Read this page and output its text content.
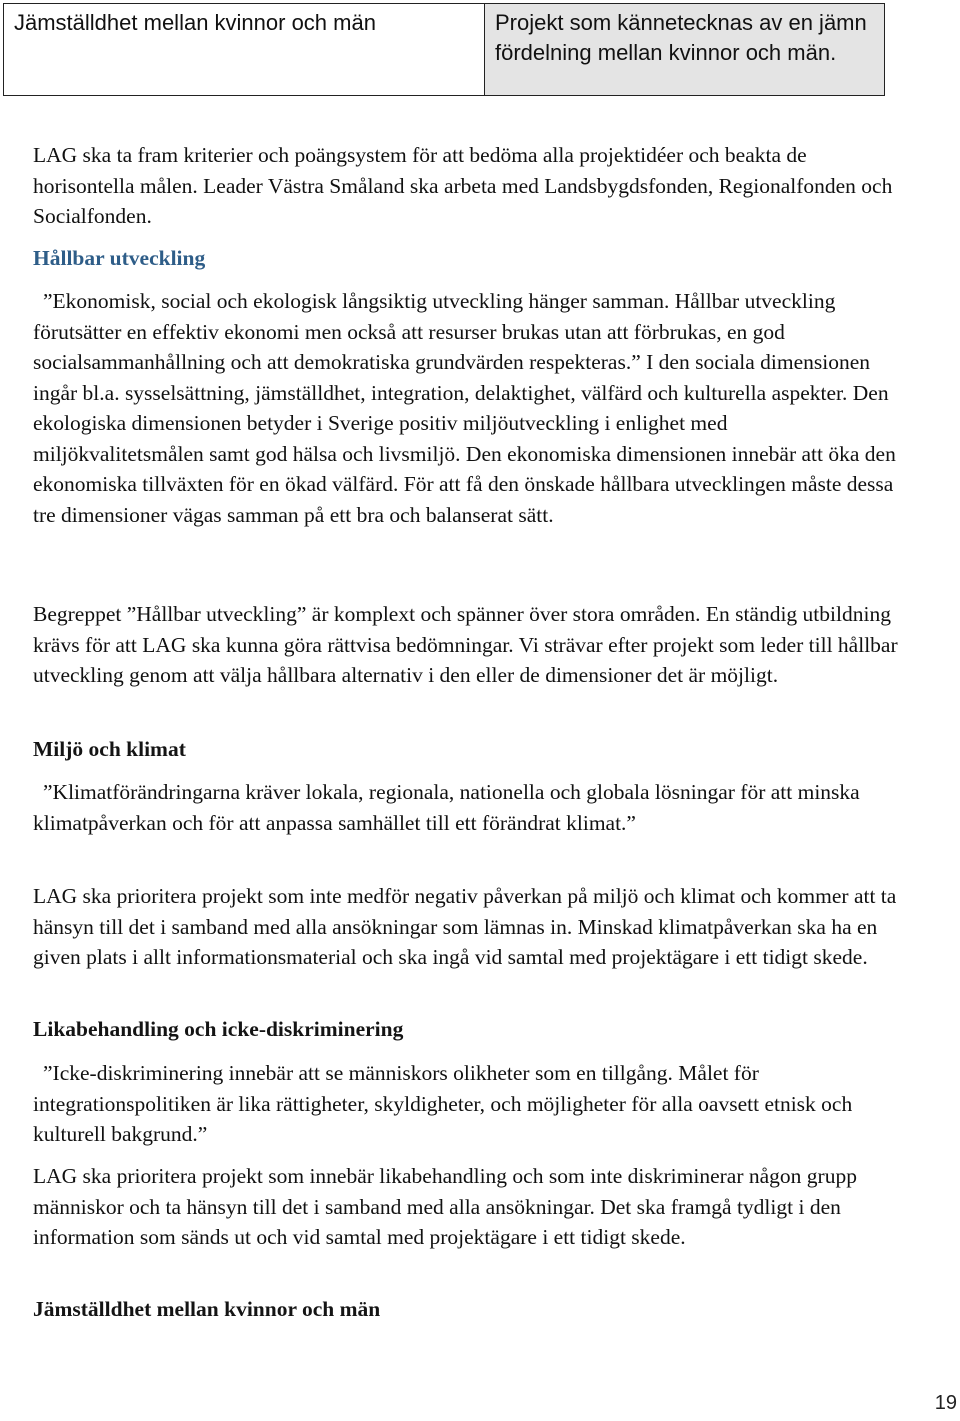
Jämställdhet mellan kvinnor och män	Projekt som kännetecknas av en jämn fördelning mellan kvinnor och män.

LAG ska ta fram kriterier och poängsystem för att bedöma alla projektidéer och beakta de horisontella målen. Leader Västra Småland ska arbeta med Landsbygdsfonden, Regionalfonden och Socialfonden.

Hållbar utveckling

”Ekonomisk, social och ekologisk långsiktig utveckling hänger samman. Hållbar utveckling förutsätter en effektiv ekonomi men också att resurser brukas utan att förbrukas, en god socialsammanhållning och att demokratiska grundvärden respekteras.” I den sociala dimensionen ingår bl.a. sysselsättning, jämställdhet, integration, delaktighet, välfärd och kulturella aspekter. Den ekologiska dimensionen betyder i Sverige positiv miljöutveckling i enlighet med miljökvalitetsmålen samt god hälsa och livsmiljö. Den ekonomiska dimensionen innebär att öka den ekonomiska tillväxten för en ökad välfärd. För att få den önskade hållbara utvecklingen måste dessa tre dimensioner vägas samman på ett bra och balanserat sätt.

Begreppet ”Hållbar utveckling” är komplext och spänner över stora områden. En ständig utbildning krävs för att LAG ska kunna göra rättvisa bedömningar. Vi strävar efter projekt som leder till hållbar utveckling genom att välja hållbara alternativ i den eller de dimensioner det är möjligt.

Miljö och klimat

”Klimatförändringarna kräver lokala, regionala, nationella och globala lösningar för att minska klimatpåverkan och för att anpassa samhället till ett förändrat klimat.”

LAG ska prioritera projekt som inte medför negativ påverkan på miljö och klimat och kommer att ta hänsyn till det i samband med alla ansökningar som lämnas in. Minskad klimatpåverkan ska ha en given plats i allt informationsmaterial och ska ingå vid samtal med projektägare i ett tidigt skede.

Likabehandling och icke-diskriminering

”Icke-diskriminering innebär att se människors olikheter som en tillgång. Målet för integrationspolitiken är lika rättigheter, skyldigheter, och möjligheter för alla oavsett etnisk och kulturell bakgrund.”

LAG ska prioritera projekt som innebär likabehandling och som inte diskriminerar någon grupp människor och ta hänsyn till det i samband med alla ansökningar. Det ska framgå tydligt i den information som sänds ut och vid samtal med projektägare i ett tidigt skede.

Jämställdhet mellan kvinnor och män
19
